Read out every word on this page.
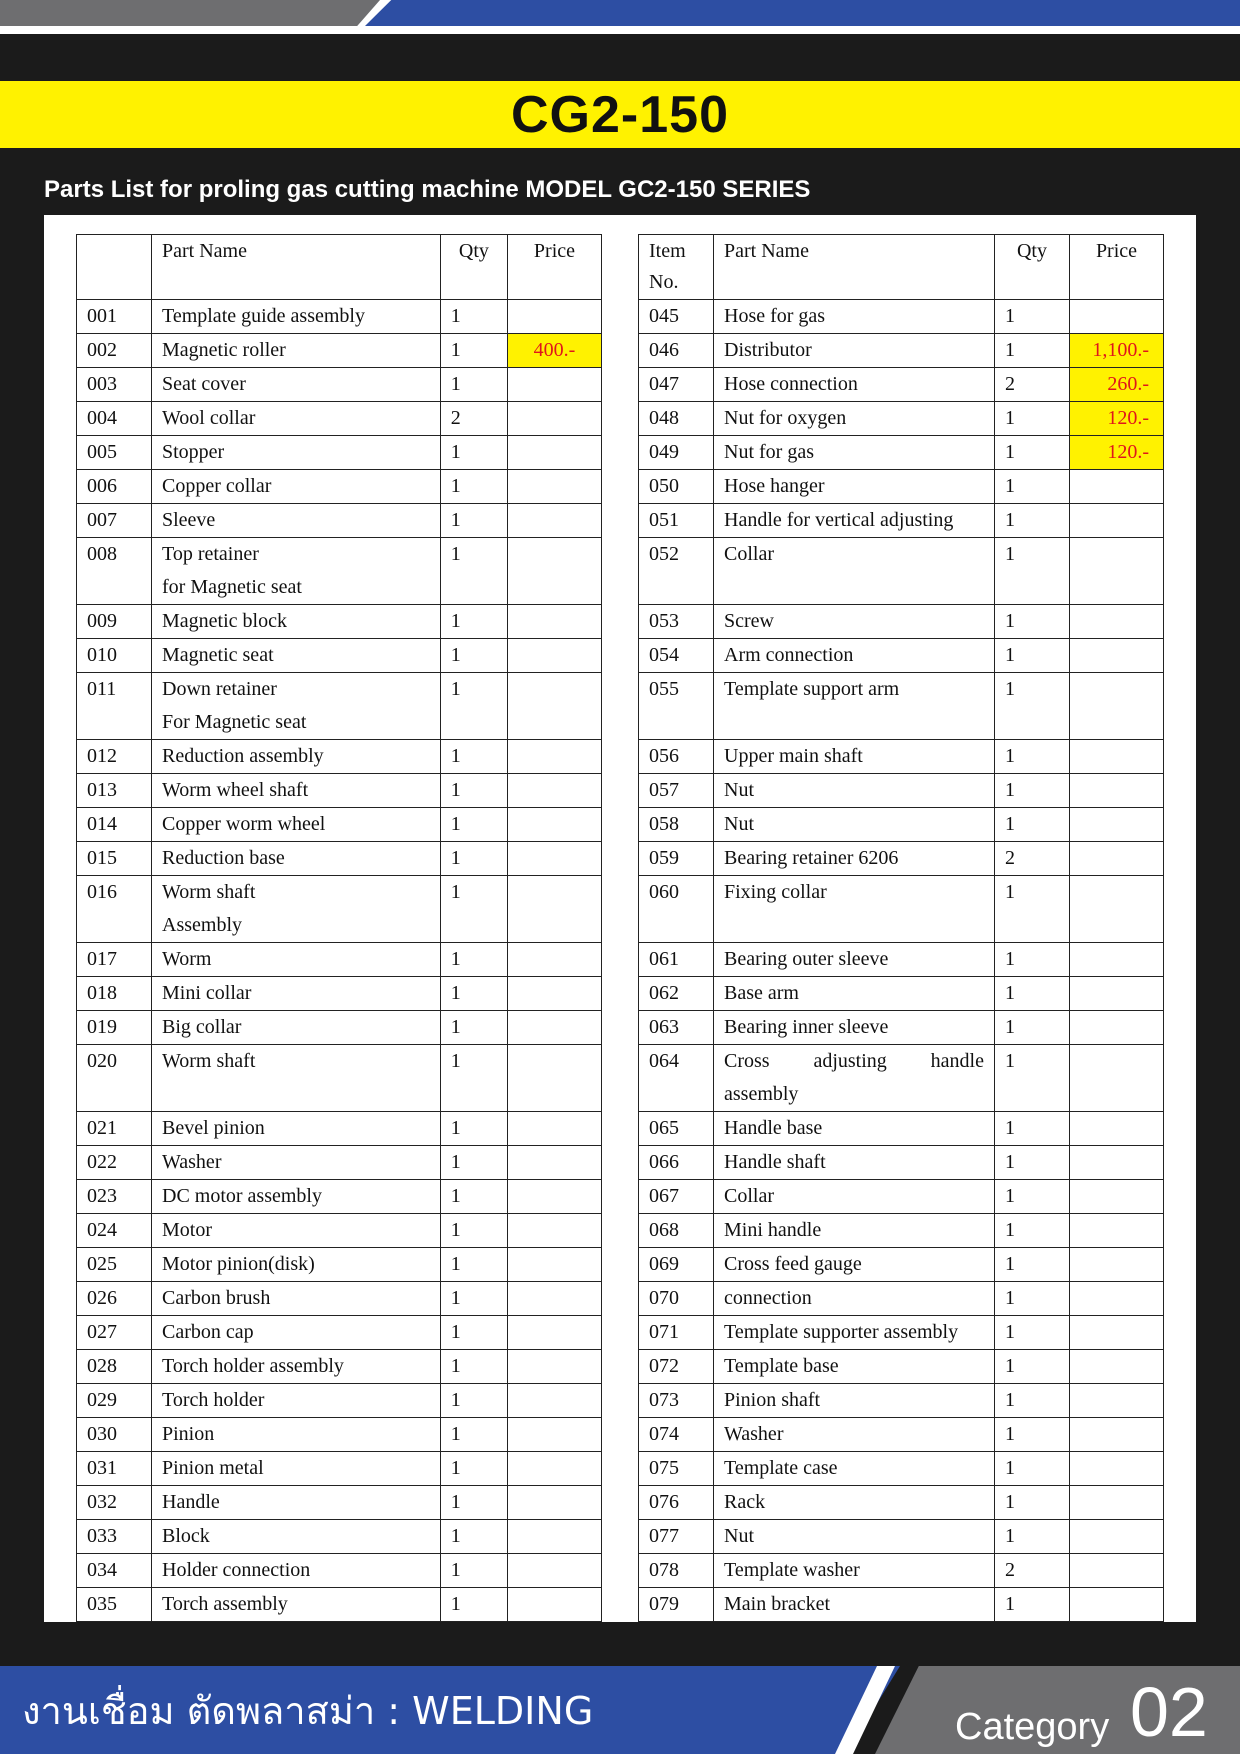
CG2-150
Parts List for proling gas cutting machine MODEL GC2-150 SERIES
	Part Name	Qty	Price
001	Template guide assembly	1	
002	Magnetic roller	1	400.-
003	Seat cover	1	
004	Wool collar	2	
005	Stopper	1	
006	Copper collar	1	
007	Sleeve	1	
008	Top retainer
for Magnetic seat	1	
009	Magnetic block	1	
010	Magnetic seat	1	
011	Down retainer
For Magnetic seat	1	
012	Reduction assembly	1	
013	Worm wheel shaft	1	
014	Copper worm wheel	1	
015	Reduction base	1	
016	Worm shaft
Assembly	1	
017	Worm	1	
018	Mini collar	1	
019	Big collar	1	
020	Worm shaft	1	
021	Bevel pinion	1	
022	Washer	1	
023	DC motor assembly	1	
024	Motor	1	
025	Motor pinion(disk)	1	
026	Carbon brush	1	
027	Carbon cap	1	
028	Torch holder assembly	1	
029	Torch holder	1	
030	Pinion	1	
031	Pinion metal	1	
032	Handle	1	
033	Block	1	
034	Holder connection	1	
035	Torch assembly	1	
Item No.	Part Name	Qty	Price
045	Hose for gas	1	
046	Distributor	1	1,100.-
047	Hose connection	2	260.-
048	Nut for oxygen	1	120.-
049	Nut for gas	1	120.-
050	Hose hanger	1	
051	Handle for vertical adjusting	1	
052	Collar	1	
053	Screw	1	
054	Arm connection	1	
055	Template support arm	1	
056	Upper main shaft	1	
057	Nut	1	
058	Nut	1	
059	Bearing retainer 6206	2	
060	Fixing collar	1	
061	Bearing outer sleeve	1	
062	Base arm	1	
063	Bearing inner sleeve	1	
064	Cross adjusting handle assembly	1	
065	Handle base	1	
066	Handle shaft	1	
067	Collar	1	
068	Mini handle	1	
069	Cross feed gauge	1	
070	connection	1	
071	Template supporter assembly	1	
072	Template base	1	
073	Pinion shaft	1	
074	Washer	1	
075	Template case	1	
076	Rack	1	
077	Nut	1	
078	Template washer	2	
079	Main bracket	1	
งานเชื่อม ตัดพลาสม่า : WELDING	Category 02
